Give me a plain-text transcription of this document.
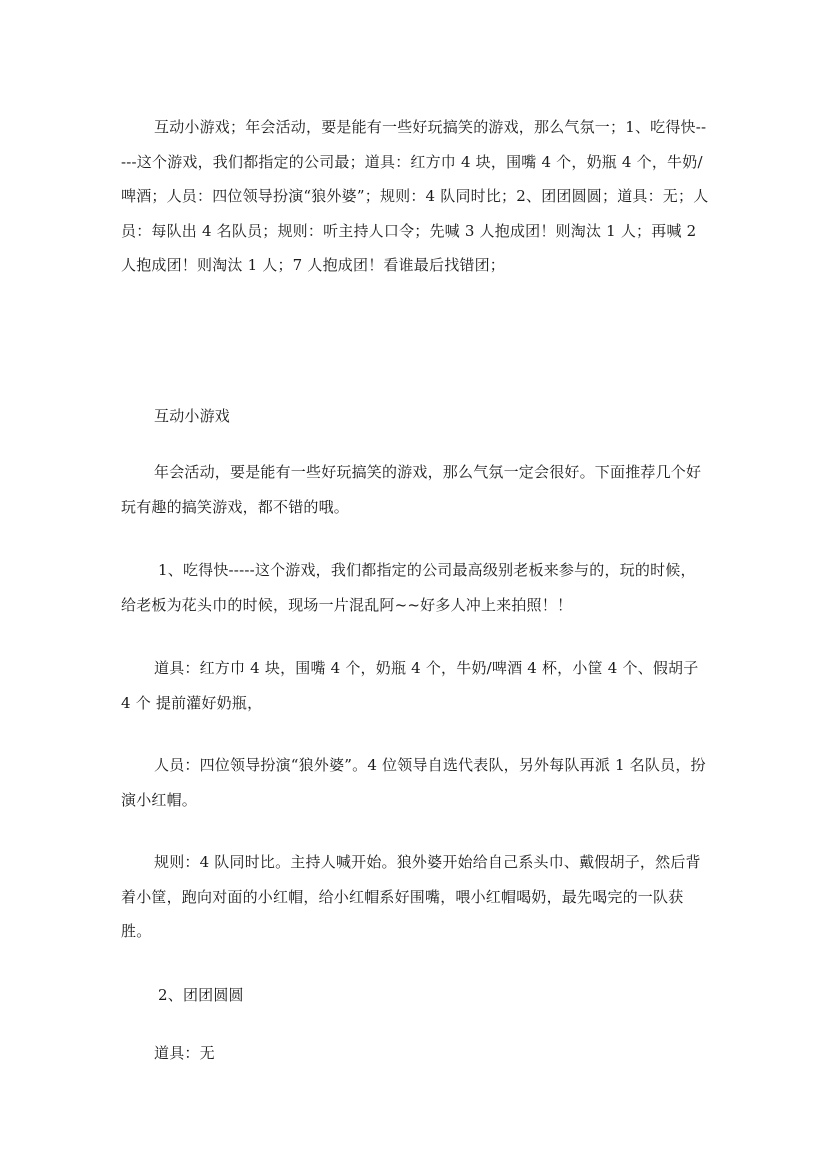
互动小游戏；年会活动，要是能有一些好玩搞笑的游戏，那么气氛一；1、吃得快-----这个游戏，我们都指定的公司最；道具：红方巾 4 块，围嘴 4 个，奶瓶 4 个，牛奶/啤酒；人员：四位领导扮演“狼外婆”；规则：4 队同时比；2、团团圆圆；道具：无；人员：每队出 4 名队员；规则：听主持人口令；先喊 3 人抱成团！则淘汰 1 人；再喊 2 人抱成团！则淘汰 1 人；7 人抱成团！看谁最后找错团；

互动小游戏

年会活动，要是能有一些好玩搞笑的游戏，那么气氛一定会很好。下面推荐几个好玩有趣的搞笑游戏，都不错的哦。

1、吃得快-----这个游戏，我们都指定的公司最高级别老板来参与的，玩的时候，给老板为花头巾的时候，现场一片混乱阿~~好多人冲上来拍照！！

道具：红方巾 4 块，围嘴 4 个，奶瓶 4 个，牛奶/啤酒 4 杯，小筐 4 个、假胡子 4 个 提前灌好奶瓶，

人员：四位领导扮演“狼外婆”。4 位领导自选代表队，另外每队再派 1 名队员，扮演小红帽。

规则：4 队同时比。主持人喊开始。狼外婆开始给自己系头巾、戴假胡子，然后背着小筐，跑向对面的小红帽，给小红帽系好围嘴，喂小红帽喝奶，最先喝完的一队获胜。

2、团团圆圆

道具：无
